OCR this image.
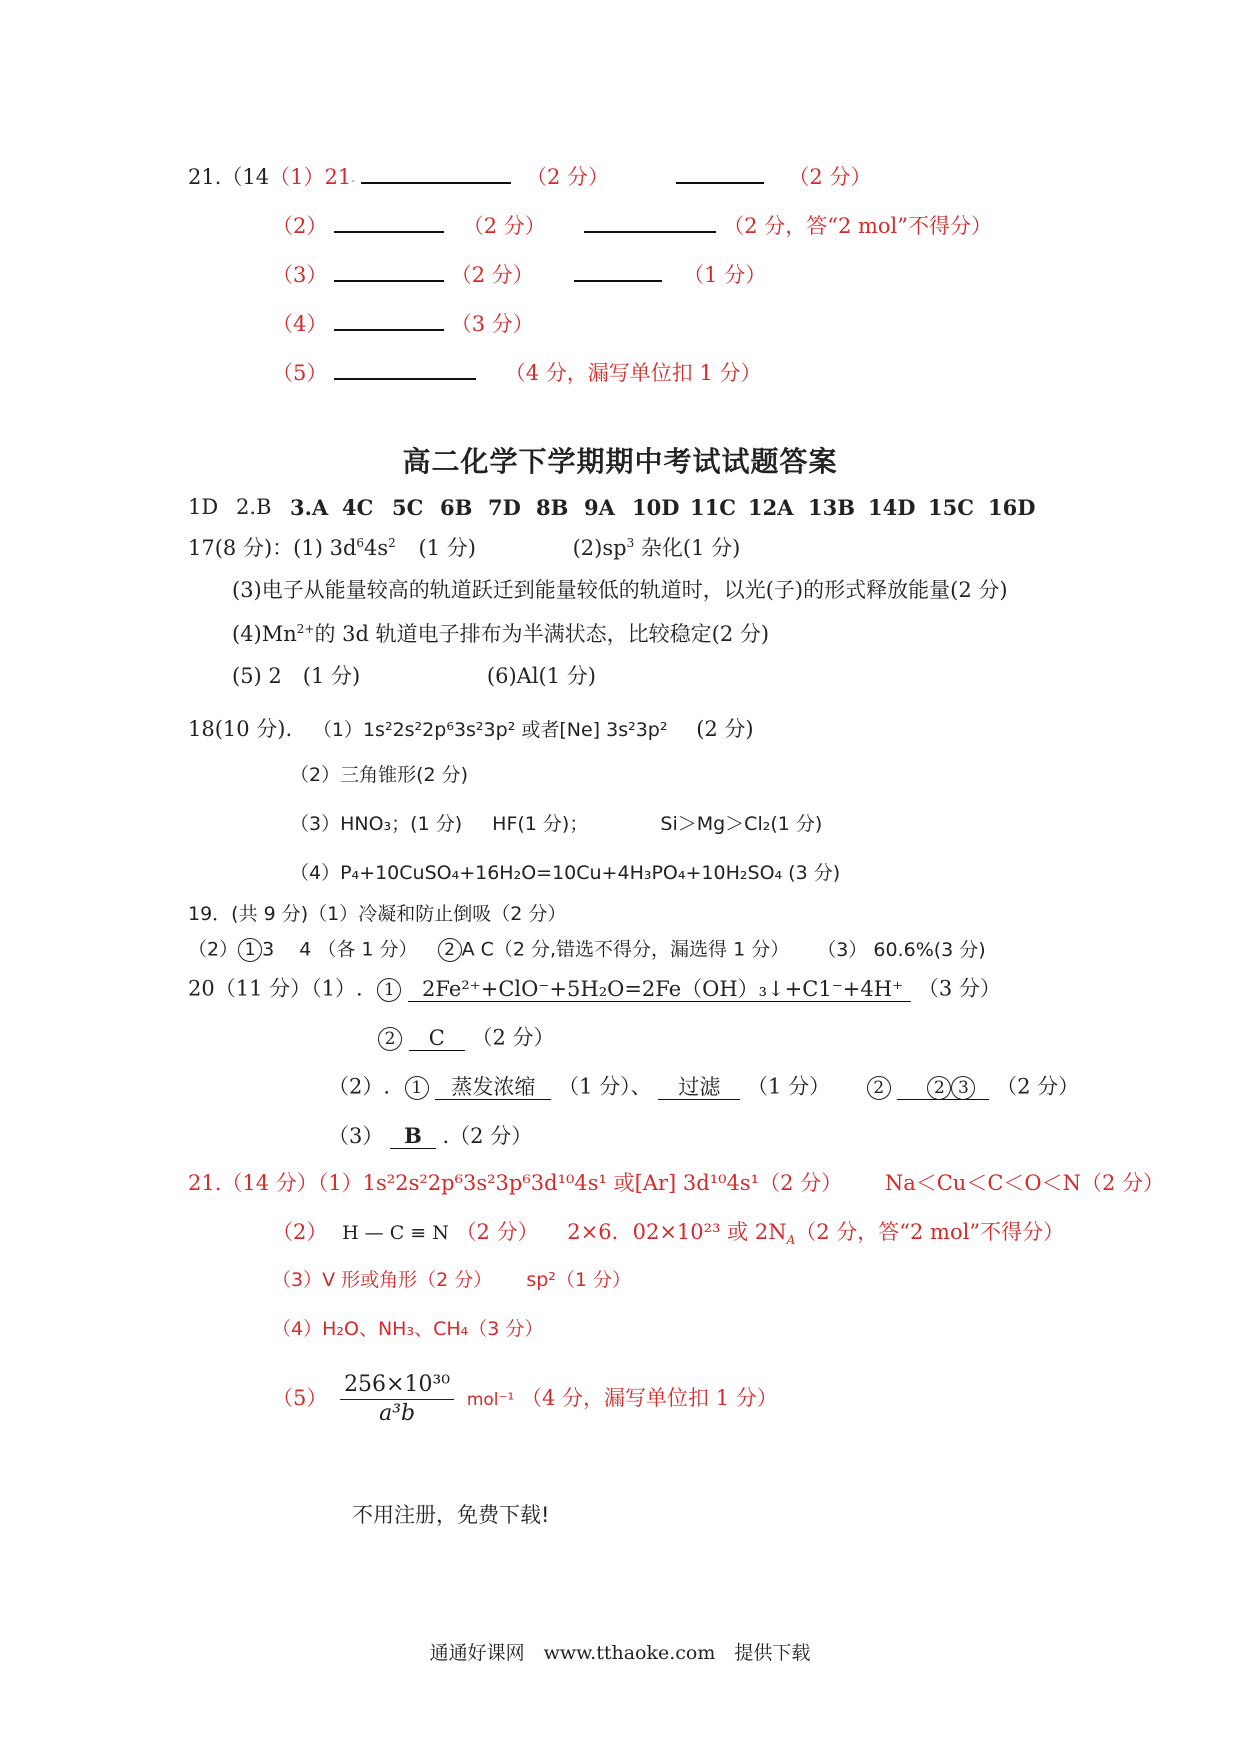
21.（14（1）21-	（2 分）	（2 分）
（2）	（2 分）	（2 分，答“2 mol”不得分）
（3）	（2 分）	（1 分）
（4）	（3 分）
（5）	（4 分，漏写单位扣 1 分）
高二化学下学期期中考试试题答案
1D 2.B 3.A 4C 5C 6B 7D 8B 9A 10D 11C 12A 13B 14D 15C 16D
17(8 分)：(1) $3d^64s^2$ (1 分)	$(2)sp^3$ 杂化(1 分)
(3)电子从能量较高的轨道跃迁到能量较低的轨道时，以光(子)的形式释放能量(2 分)
$(4)Mn^{2+}$的 3d 轨道电子排布为半满状态，比较稳定(2 分)
(5) 2　(1 分)	(6)Al(1 分)
18(10 分). （1）1s²2s²2p⁶3s²3p² 或者[Ne] 3s²3p² (2 分)
（2）三角锥形(2 分)
（3）HNO₃；(1 分) HF(1 分)；	Si＞Mg＞Cl₂(1 分)
（4）P₄+10CuSO₄+16H₂O=10Cu+4H₃PO₄+10H₂SO₄ (3 分)
19．(共 9 分)（1）冷凝和防止倒吸（2 分）
（2） 1 3　 4 （各 1 分） 2 A C（2 分,错选不得分，漏选得 1 分） （3） 60.6%(3 分)
20（11 分）（1）. 1 2Fe²⁺+ClO⁻+5H₂O=2Fe（OH）₃↓+C1⁻+4H⁺ （3 分）
2 C （2 分）
（2）. 1 蒸发浓缩 （1 分）、 过滤 （1 分）	2	2 3 （2 分）
（3） B .（2 分）
21.（14 分）（1）1s²2s²2p⁶3s²3p⁶3d¹⁰4s¹ 或[Ar] 3d¹⁰4s¹（2 分） Na＜Cu＜C＜O＜N（2 分）
（2） H — C ≡ N （2 分） 2×6．02×10²³ 或 $2N_A(2$ 分，答“2 mol”不得分）
（3）V 形或角形（2 分） sp²（1 分）
（4）H₂O、NH₃、CH₄（3 分）
$(5) \frac{\text{256×10³⁰}}{\text{a³b}} mol^{-1}$ （4 分，漏写单位扣 1 分）
不用注册，免费下载!
通通好课网　www.tthaoke.com　提供下载
